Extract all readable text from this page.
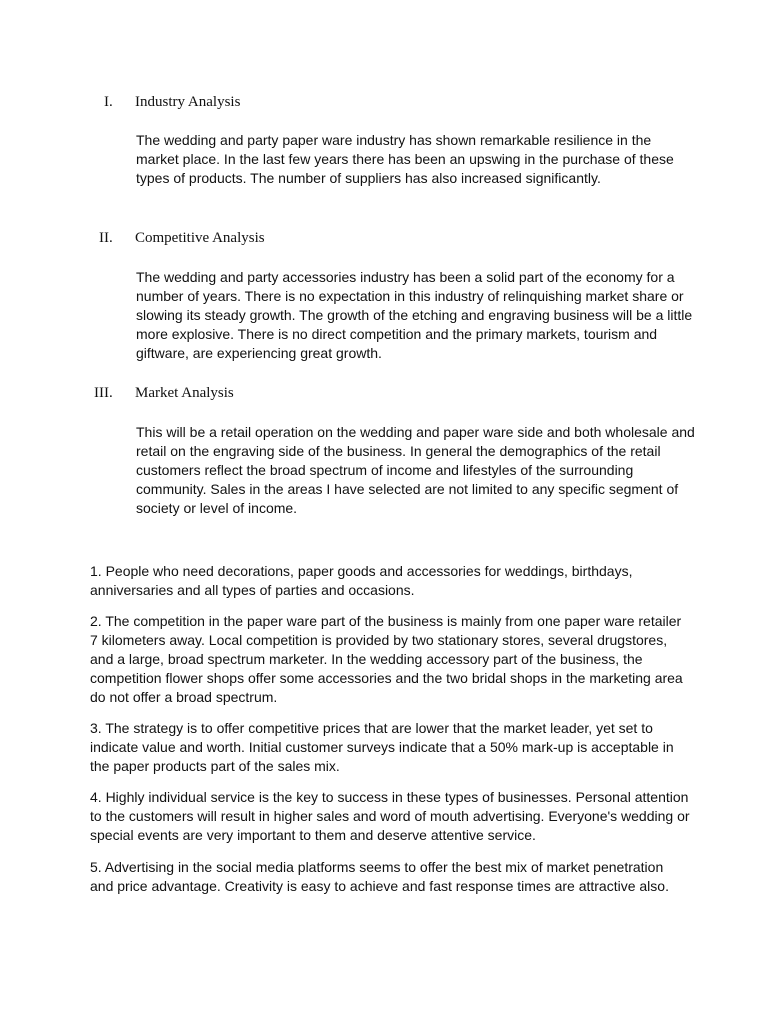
I. Industry Analysis

The wedding and party paper ware industry has shown remarkable resilience in the market place. In the last few years there has been an upswing in the purchase of these types of products. The number of suppliers has also increased significantly.

II. Competitive Analysis

The wedding and party accessories industry has been a solid part of the economy for a number of years. There is no expectation in this industry of relinquishing market share or slowing its steady growth. The growth of the etching and engraving business will be a little more explosive. There is no direct competition and the primary markets, tourism and giftware, are experiencing great growth.

III. Market Analysis

This will be a retail operation on the wedding and paper ware side and both wholesale and retail on the engraving side of the business. In general the demographics of the retail customers reflect the broad spectrum of income and lifestyles of the surrounding community. Sales in the areas I have selected are not limited to any specific segment of society or level of income.

1. People who need decorations, paper goods and accessories for weddings, birthdays, anniversaries and all types of parties and occasions.

2. The competition in the paper ware part of the business is mainly from one paper ware retailer 7 kilometers away. Local competition is provided by two stationary stores, several drugstores, and a large, broad spectrum marketer. In the wedding accessory part of the business, the competition flower shops offer some accessories and the two bridal shops in the marketing area do not offer a broad spectrum.

3. The strategy is to offer competitive prices that are lower that the market leader, yet set to indicate value and worth. Initial customer surveys indicate that a 50% mark-up is acceptable in the paper products part of the sales mix.

4. Highly individual service is the key to success in these types of businesses. Personal attention to the customers will result in higher sales and word of mouth advertising. Everyone's wedding or special events are very important to them and deserve attentive service.

5. Advertising in the social media platforms seems to offer the best mix of market penetration and price advantage. Creativity is easy to achieve and fast response times are attractive also.
